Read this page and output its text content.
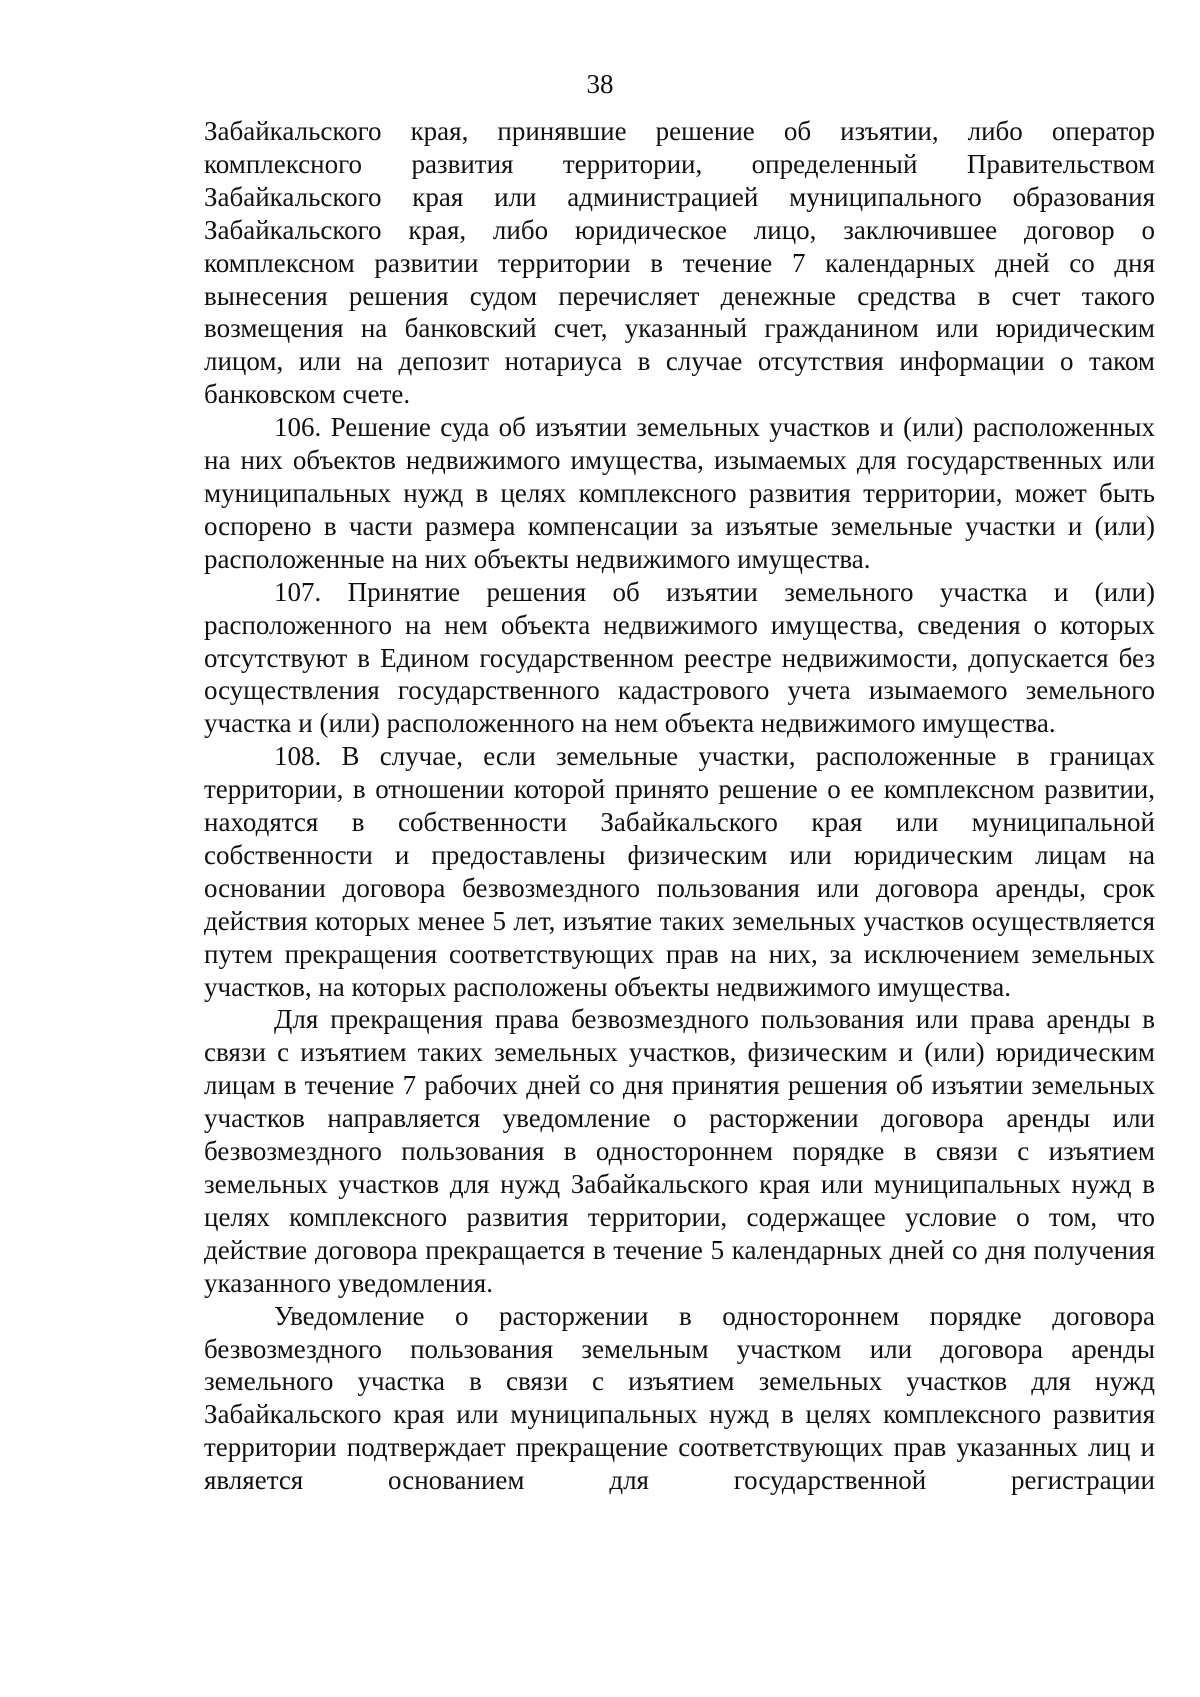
38

Забайкальского края, принявшие решение об изъятии, либо оператор комплексного развития территории, определенный Правительством Забайкальского края или администрацией муниципального образования Забайкальского края, либо юридическое лицо, заключившее договор о комплексном развитии территории в течение 7 календарных дней со дня вынесения решения судом перечисляет денежные средства в счет такого возмещения на банковский счет, указанный гражданином или юридическим лицом, или на депозит нотариуса в случае отсутствия информации о таком банковском счете.

106. Решение суда об изъятии земельных участков и (или) расположенных на них объектов недвижимого имущества, изымаемых для государственных или муниципальных нужд в целях комплексного развития территории, может быть оспорено в части размера компенсации за изъятые земельные участки и (или) расположенные на них объекты недвижимого имущества.

107. Принятие решения об изъятии земельного участка и (или) расположенного на нем объекта недвижимого имущества, сведения о которых отсутствуют в Едином государственном реестре недвижимости, допускается без осуществления государственного кадастрового учета изымаемого земельного участка и (или) расположенного на нем объекта недвижимого имущества.

108. В случае, если земельные участки, расположенные в границах территории, в отношении которой принято решение о ее комплексном развитии, находятся в собственности Забайкальского края или муниципальной собственности и предоставлены физическим или юридическим лицам на основании договора безвозмездного пользования или договора аренды, срок действия которых менее 5 лет, изъятие таких земельных участков осуществляется путем прекращения соответствующих прав на них, за исключением земельных участков, на которых расположены объекты недвижимого имущества.

Для прекращения права безвозмездного пользования или права аренды в связи с изъятием таких земельных участков, физическим и (или) юридическим лицам в течение 7 рабочих дней со дня принятия решения об изъятии земельных участков направляется уведомление о расторжении договора аренды или безвозмездного пользования в одностороннем порядке в связи с изъятием земельных участков для нужд Забайкальского края или муниципальных нужд в целях комплексного развития территории, содержащее условие о том, что действие договора прекращается в течение 5 календарных дней со дня получения указанного уведомления.

Уведомление о расторжении в одностороннем порядке договора безвозмездного пользования земельным участком или договора аренды земельного участка в связи с изъятием земельных участков для нужд Забайкальского края или муниципальных нужд в целях комплексного развития территории подтверждает прекращение соответствующих прав указанных лиц и является основанием для государственной регистрации
